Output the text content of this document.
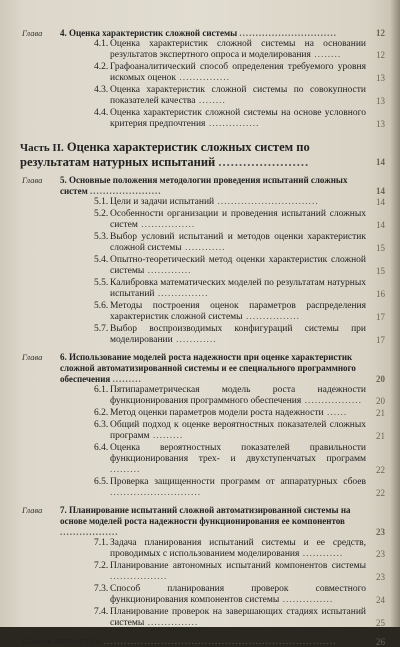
Глава 4. Оценка характеристик сложной системы ..............................	12
4.1. Оценка характеристик сложной системы на основании результатов экспертного опроса и моделирования ........	12
4.2. Графоаналитический способ определения требуемого уровня искомых оценок ...............	13
4.3. Оценка характеристик сложной системы по совокупности показателей качества ........	13
4.4. Оценка характеристик сложной системы на основе условного критерия предпочтения ...............	13
Часть II. Оценка характеристик сложных систем по результатам натурных испытаний ......................	14
Глава 5. Основные положения методологии проведения испытаний сложных систем ......................	14
5.1. Цели и задачи испытаний ..............................	14
5.2. Особенности организации и проведения испытаний сложных систем ................	14
5.3. Выбор условий испытаний и методов оценки характеристик сложной системы ............	15
5.4. Опытно-теоретический метод оценки характеристик сложной системы .............	15
5.5. Калибровка математических моделей по результатам натурных испытаний ...............	16
5.6. Методы построения оценок параметров распределения характеристик сложной системы ................	17
5.7. Выбор воспроизводимых конфигураций системы при моделировании ............	17
Глава 6. Использование моделей роста надежности при оценке характеристик сложной автоматизированной системы и ее специального программного обеспечения .........	20
6.1. Пятипараметрическая модель роста надежности функционирования программного обеспечения ................. 20
6.2. Метод оценки параметров модели роста надежности ......	21
6.3. Общий подход к оценке вероятностных показателей сложных программ .........	21
6.4. Оценка вероятностных показателей правильности функционирования трех- и двухступенчатых программ .........	22
6.5. Проверка защищенности программ от аппаратурных сбоев ...........................	22
Глава 7. Планирование испытаний сложной автоматизированной системы на основе моделей роста надежности функционирования ее компонентов ..................	23
7.1. Задача планирования испытаний системы и ее средств, проводимых с использованием моделирования ............	23
7.2. Планирование автономных испытаний компонентов системы .................	23
7.3. Способ планирования проверок совместного функционирования компонентов системы ...............	24
7.4. Планирование проверок на завершающих стадиях испытаний системы ...............	25
Список литературы .....................................................................	26
